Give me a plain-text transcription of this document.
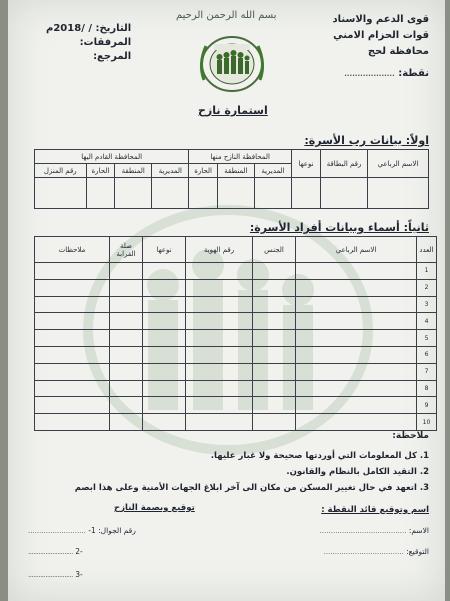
قوى الدعم والاسناد
قوات الحزام الامني
محافظة لحج
نقطة: ...................
بسم الله الرحمن الرحيم
التاريخ: / /2018م
المرفقات:
المرجع:
استمارة نازح
اولاً: بيانات رب الأسرة:
الاسم الرباعي	رقم البطاقة	نوعها	المحافظة النازح منها			المحافظة القادم اليها			
			المديرية	المنطقة	الحارة	المديرية	المنطقة	الحارة	رقم المنزل

ثانياً: أسماء وبيانات أفراد الأسرة:
العدد	الاسم الرباعي	الجنس	رقم الهوية	نوعها	صلة القرابة	ملاحظات
1						
2						
3						
4						
5						
6						
7						
8						
9						
10						
ملاحظة:
1. كل المعلومات التي أوردتها صحيحة ولا غبار عليها.
2. التقيد الكامل بالنظام والقانون.
3. اتعهد في حال تغيير المسكن من مكان الى آخر ابلاغ الجهات الأمنية وعلى هذا ابصم
اسم وتوقيع قائد النقطة :
توقيع وبصمة النازح
الاسم: .......................................
التوقيع: ....................................
رقم الجوال: 1- ..........................
-2 ..........................
-3 ..........................
